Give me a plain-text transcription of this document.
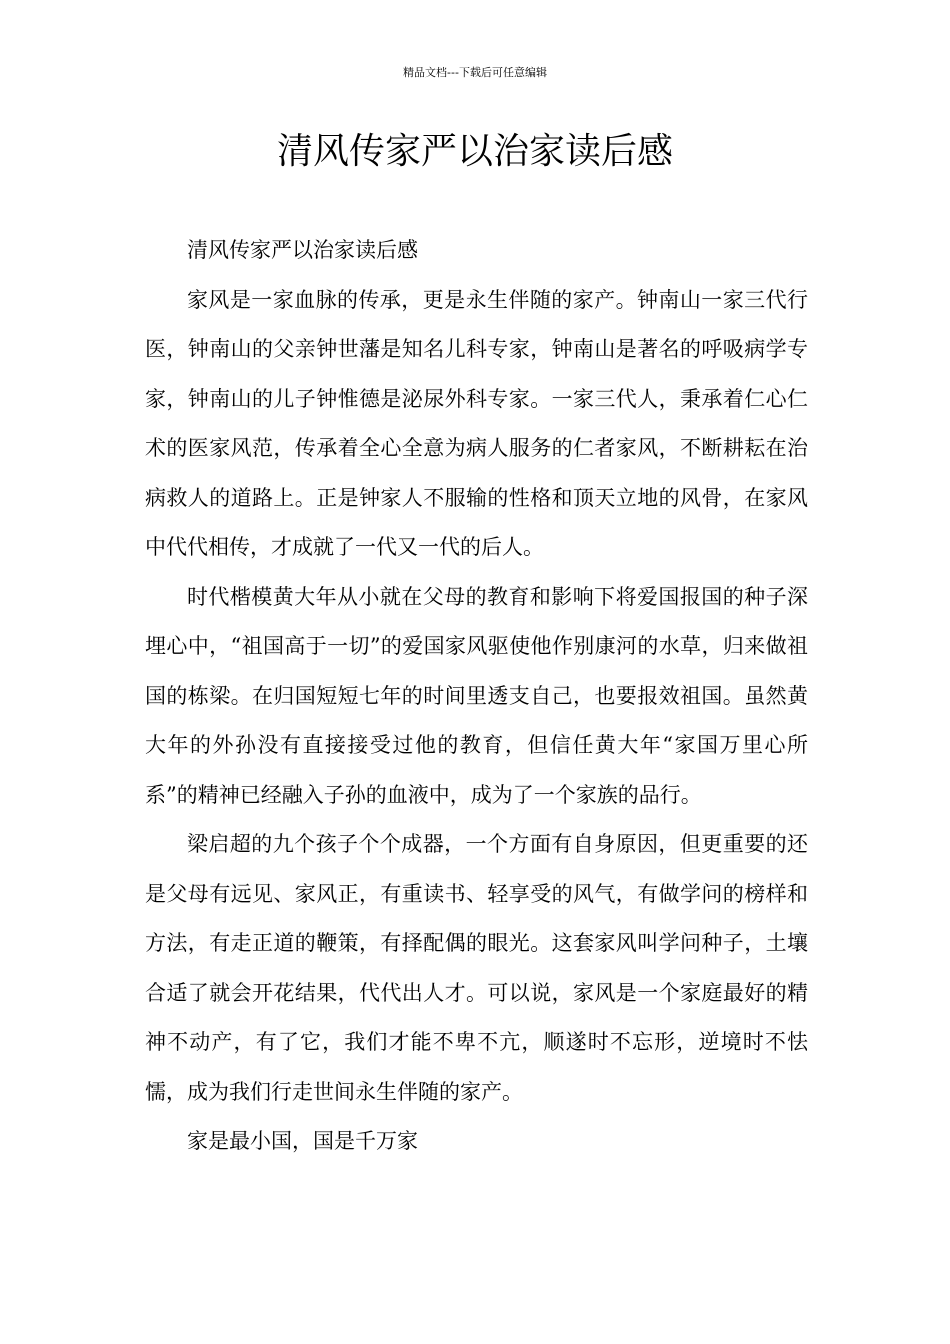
精品文档---下载后可任意编辑
清风传家严以治家读后感

清风传家严以治家读后感

家风是一家血脉的传承，更是永生伴随的家产。钟南山一家三代行医，钟南山的父亲钟世藩是知名儿科专家，钟南山是著名的呼吸病学专家，钟南山的儿子钟惟德是泌尿外科专家。一家三代人，秉承着仁心仁术的医家风范，传承着全心全意为病人服务的仁者家风，不断耕耘在治病救人的道路上。正是钟家人不服输的性格和顶天立地的风骨，在家风中代代相传，才成就了一代又一代的后人。

时代楷模黄大年从小就在父母的教育和影响下将爱国报国的种子深埋心中，“祖国高于一切”的爱国家风驱使他作别康河的水草，归来做祖国的栋梁。在归国短短七年的时间里透支自己，也要报效祖国。虽然黄大年的外孙没有直接接受过他的教育，但信任黄大年“家国万里心所系”的精神已经融入子孙的血液中，成为了一个家族的品行。

梁启超的九个孩子个个成器，一个方面有自身原因，但更重要的还是父母有远见、家风正，有重读书、轻享受的风气，有做学问的榜样和方法，有走正道的鞭策，有择配偶的眼光。这套家风叫学问种子，土壤合适了就会开花结果，代代出人才。可以说，家风是一个家庭最好的精神不动产，有了它，我们才能不卑不亢，顺遂时不忘形，逆境时不怯懦，成为我们行走世间永生伴随的家产。

家是最小国，国是千万家
